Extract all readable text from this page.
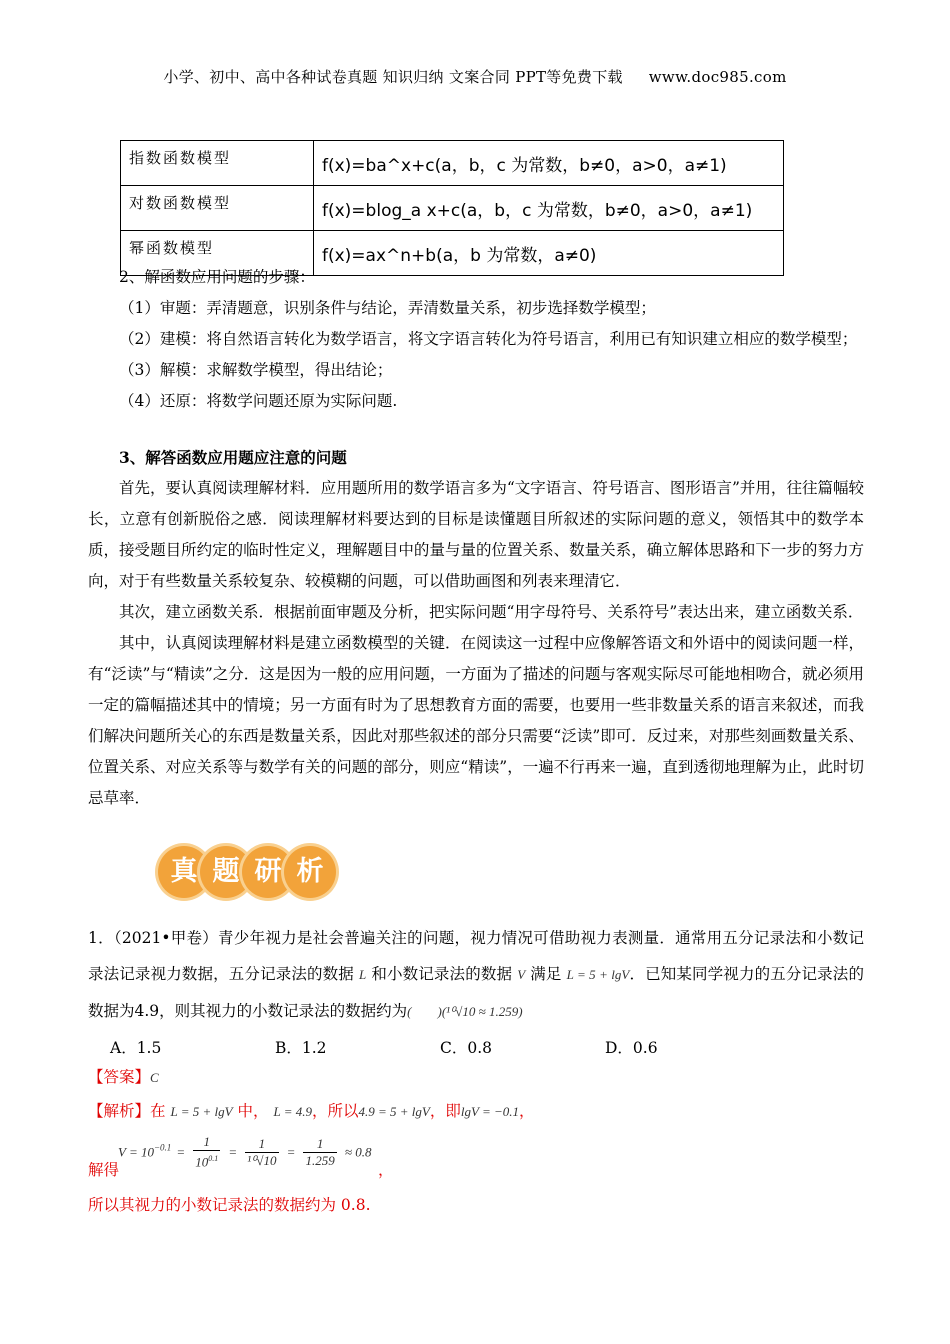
小学、初中、高中各种试卷真题 知识归纳 文案合同 PPT等免费下载 www.doc985.com
指数函数模型	f(x)=ba^x+c(a，b，c 为常数，b≠0，a>0，a≠1)
对数函数模型	f(x)=blog_a x+c(a，b，c 为常数，b≠0，a>0，a≠1)
幂函数模型	f(x)=ax^n+b(a，b 为常数，a≠0)
2、解函数应用问题的步骤：
（1）审题：弄清题意，识别条件与结论，弄清数量关系，初步选择数学模型；
（2）建模：将自然语言转化为数学语言，将文字语言转化为符号语言，利用已有知识建立相应的数学模型；
（3）解模：求解数学模型，得出结论；
（4）还原：将数学问题还原为实际问题.
3、解答函数应用题应注意的问题
首先，要认真阅读理解材料．应用题所用的数学语言多为“文字语言、符号语言、图形语言”并用，往往篇幅较长，立意有创新脱俗之感．阅读理解材料要达到的目标是读懂题目所叙述的实际问题的意义，领悟其中的数学本质，接受题目所约定的临时性定义，理解题目中的量与量的位置关系、数量关系，确立解体思路和下一步的努力方向，对于有些数量关系较复杂、较模糊的问题，可以借助画图和列表来理清它．
其次，建立函数关系．根据前面审题及分析，把实际问题“用字母符号、关系符号”表达出来，建立函数关系．
其中，认真阅读理解材料是建立函数模型的关键．在阅读这一过程中应像解答语文和外语中的阅读问题一样，有“泛读”与“精读”之分．这是因为一般的应用问题，一方面为了描述的问题与客观实际尽可能地相吻合，就必须用一定的篇幅描述其中的情境；另一方面有时为了思想教育方面的需要，也要用一些非数量关系的语言来叙述，而我们解决问题所关心的东西是数量关系，因此对那些叙述的部分只需要“泛读”即可．反过来，对那些刻画数量关系、位置关系、对应关系等与数学有关的问题的部分，则应“精读”，一遍不行再来一遍，直到透彻地理解为止，此时切忌草率．
真 题 研 析
1．（2021•甲卷）青少年视力是社会普遍关注的问题，视力情况可借助视力表测量．通常用五分记录法和小数记录法记录视力数据，五分记录法的数据 L 和小数记录法的数据 V 满足 L = 5 + lgV．已知某同学视力的五分记录法的数据为4.9，则其视力的小数记录法的数据约为(　　)(¹⁰√10 ≈ 1.259)
A．1.5	B．1.2	C．0.8	D．0.6
【答案】C
【解析】在 L = 5 + lgV 中， L = 4.9，所以4.9 = 5 + lgV，即lgV = −0.1，
解得
$V = 10^{-0.1} = \frac{1}{10^{0.1}} = \frac{1}{\text{¹⁰√10}} = \frac{1}{1.259} \approx 0.8$
，
所以其视力的小数记录法的数据约为 0.8.
